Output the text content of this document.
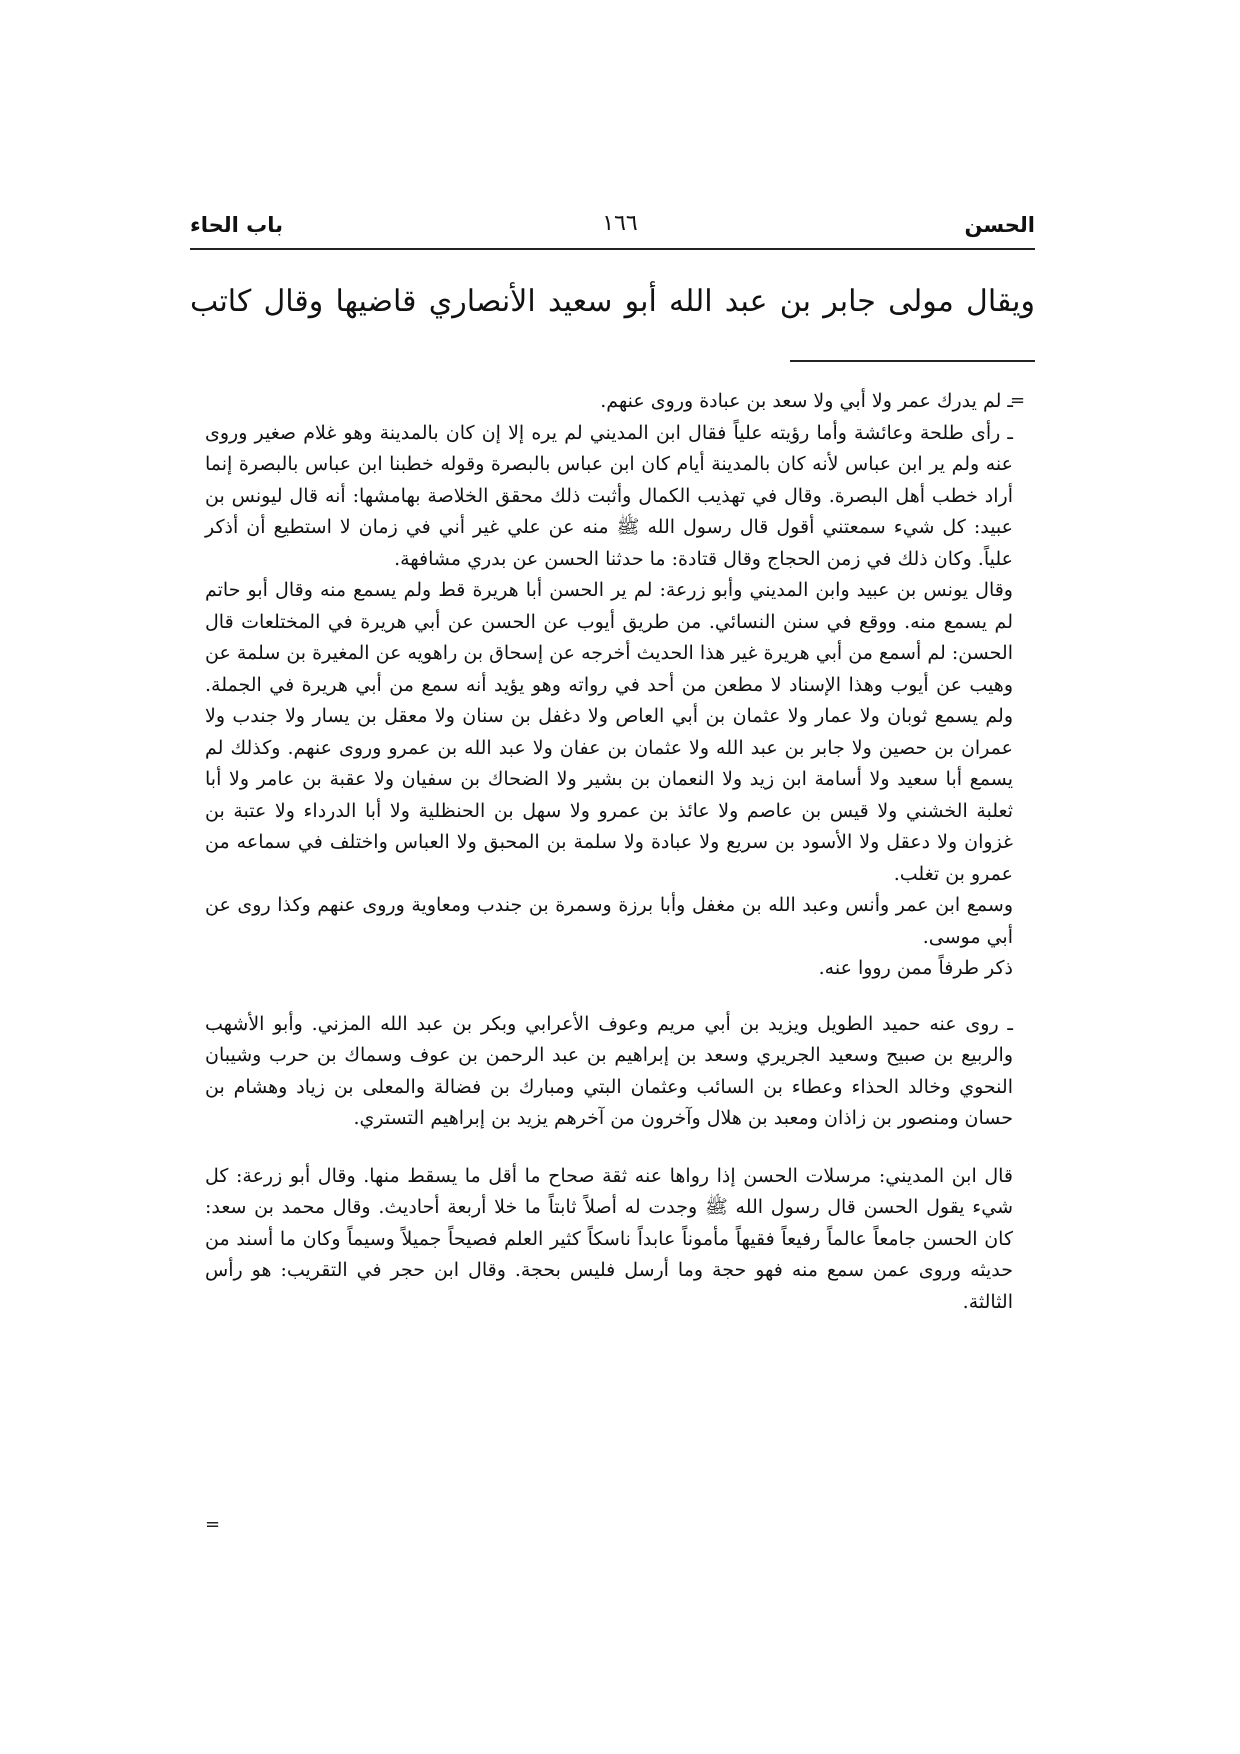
الحسن
١٦٦
باب الحاء
ويقال مولى جابر بن عبد الله أبو سعيد الأنصاري قاضيها وقال كاتب
=

ـ لم يدرك عمر ولا أبي ولا سعد بن عبادة وروى عنهم.

ـ رأى طلحة وعائشة وأما رؤيته علياً فقال ابن المديني لم يره إلا إن كان بالمدينة وهو غلام صغير وروى عنه ولم ير ابن عباس لأنه كان بالمدينة أيام كان ابن عباس بالبصرة وقوله خطبنا ابن عباس بالبصرة إنما أراد خطب أهل البصرة. وقال في تهذيب الكمال وأثبت ذلك محقق الخلاصة بهامشها: أنه قال ليونس بن عبيد: كل شيء سمعتني أقول قال رسول الله ﷺ منه عن علي غير أني في زمان لا استطيع أن أذكر علياً. وكان ذلك في زمن الحجاج وقال قتادة: ما حدثنا الحسن عن بدري مشافهة.

وقال يونس بن عبيد وابن المديني وأبو زرعة: لم ير الحسن أبا هريرة قط ولم يسمع منه وقال أبو حاتم لم يسمع منه. ووقع في سنن النسائي. من طريق أيوب عن الحسن عن أبي هريرة في المختلعات قال الحسن: لم أسمع من أبي هريرة غير هذا الحديث أخرجه عن إسحاق بن راهويه عن المغيرة بن سلمة عن وهيب عن أيوب وهذا الإسناد لا مطعن من أحد في رواته وهو يؤيد أنه سمع من أبي هريرة في الجملة. ولم يسمع ثوبان ولا عمار ولا عثمان بن أبي العاص ولا دغفل بن سنان ولا معقل بن يسار ولا جندب ولا عمران بن حصين ولا جابر بن عبد الله ولا عثمان بن عفان ولا عبد الله بن عمرو وروى عنهم. وكذلك لم يسمع أبا سعيد ولا أسامة ابن زيد ولا النعمان بن بشير ولا الضحاك بن سفيان ولا عقبة بن عامر ولا أبا ثعلبة الخشني ولا قيس بن عاصم ولا عائذ بن عمرو ولا سهل بن الحنظلية ولا أبا الدرداء ولا عتبة بن غزوان ولا دعقل ولا الأسود بن سريع ولا عبادة ولا سلمة بن المحبق ولا العباس واختلف في سماعه من عمرو بن تغلب.

وسمع ابن عمر وأنس وعبد الله بن مغفل وأبا برزة وسمرة بن جندب ومعاوية وروى عنهم وكذا روى عن أبي موسى.

ذكر طرفاً ممن رووا عنه.

ـ روى عنه حميد الطويل ويزيد بن أبي مريم وعوف الأعرابي وبكر بن عبد الله المزني. وأبو الأشهب والربيع بن صبيح وسعيد الجريري وسعد بن إبراهيم بن عبد الرحمن بن عوف وسماك بن حرب وشيبان النحوي وخالد الحذاء وعطاء بن السائب وعثمان البتي ومبارك بن فضالة والمعلى بن زياد وهشام بن حسان ومنصور بن زاذان ومعبد بن هلال وآخرون من آخرهم يزيد بن إبراهيم التستري.

قال ابن المديني: مرسلات الحسن إذا رواها عنه ثقة صحاح ما أقل ما يسقط منها. وقال أبو زرعة: كل شيء يقول الحسن قال رسول الله ﷺ وجدت له أصلاً ثابتاً ما خلا أربعة أحاديث. وقال محمد بن سعد: كان الحسن جامعاً عالماً رفيعاً فقيهاً مأموناً عابداً ناسكاً كثير العلم فصيحاً جميلاً وسيماً وكان ما أسند من حديثه وروى عمن سمع منه فهو حجة وما أرسل فليس بحجة. وقال ابن حجر في التقريب: هو رأس الثالثة.

=
